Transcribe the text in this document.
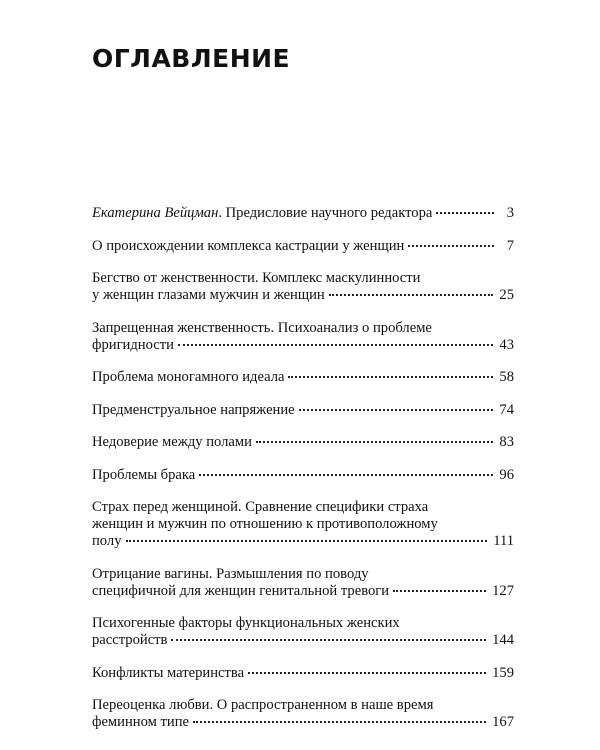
ОГЛАВЛЕНИЕ
Екатерина Вейцман. Предисловие научного редактора	3
О происхождении комплекса кастрации у женщин	7
Бегство от женственности. Комплекс маскулинности
у женщин глазами мужчин и женщин	25
Запрещенная женственность. Психоанализ о проблеме
фригидности	43
Проблема моногамного идеала	58
Предменструальное напряжение	74
Недоверие между полами	83
Проблемы брака	96
Страх перед женщиной. Сравнение специфики страха
женщин и мужчин по отношению к противоположному
полу	111
Отрицание вагины. Размышления по поводу
специфичной для женщин генитальной тревоги	127
Психогенные факторы функциональных женских
расстройств	144
Конфликты материнства	159
Переоценка любви. О распространенном в наше время
феминном типе	167
